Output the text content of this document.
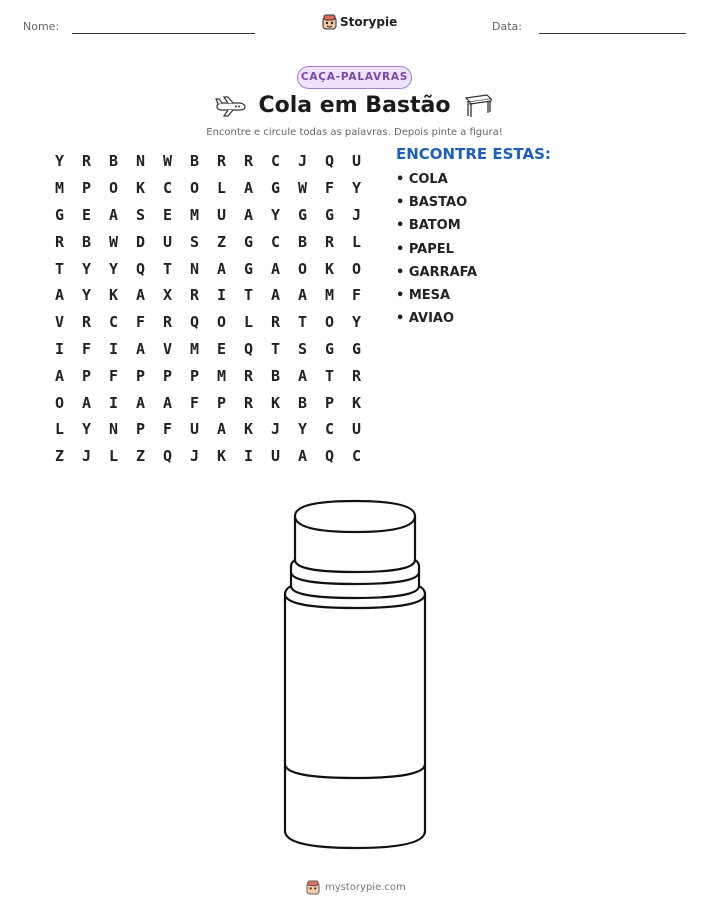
Nome:	Storypie	Data:
CAÇA-PALAVRAS
Cola em Bastão
Encontre e circule todas as palavras. Depois pinte a figura!
Y	R	B	N	W	B	R	R	C	J	Q	U
M	P	O	K	C	O	L	A	G	W	F	Y
G	E	A	S	E	M	U	A	Y	G	G	J
R	B	W	D	U	S	Z	G	C	B	R	L
T	Y	Y	Q	T	N	A	G	A	O	K	O
A	Y	K	A	X	R	I	T	A	A	M	F
V	R	C	F	R	Q	O	L	R	T	O	Y
I	F	I	A	V	M	E	Q	T	S	G	G
A	P	F	P	P	P	M	R	B	A	T	R
O	A	I	A	A	F	P	R	K	B	P	K
L	Y	N	P	F	U	A	K	J	Y	C	U
Z	J	L	Z	Q	J	K	I	U	A	Q	C
ENCONTRE ESTAS:
• COLA
• BASTAO
• BATOM
• PAPEL
• GARRAFA
• MESA
• AVIAO
mystorypie.com
